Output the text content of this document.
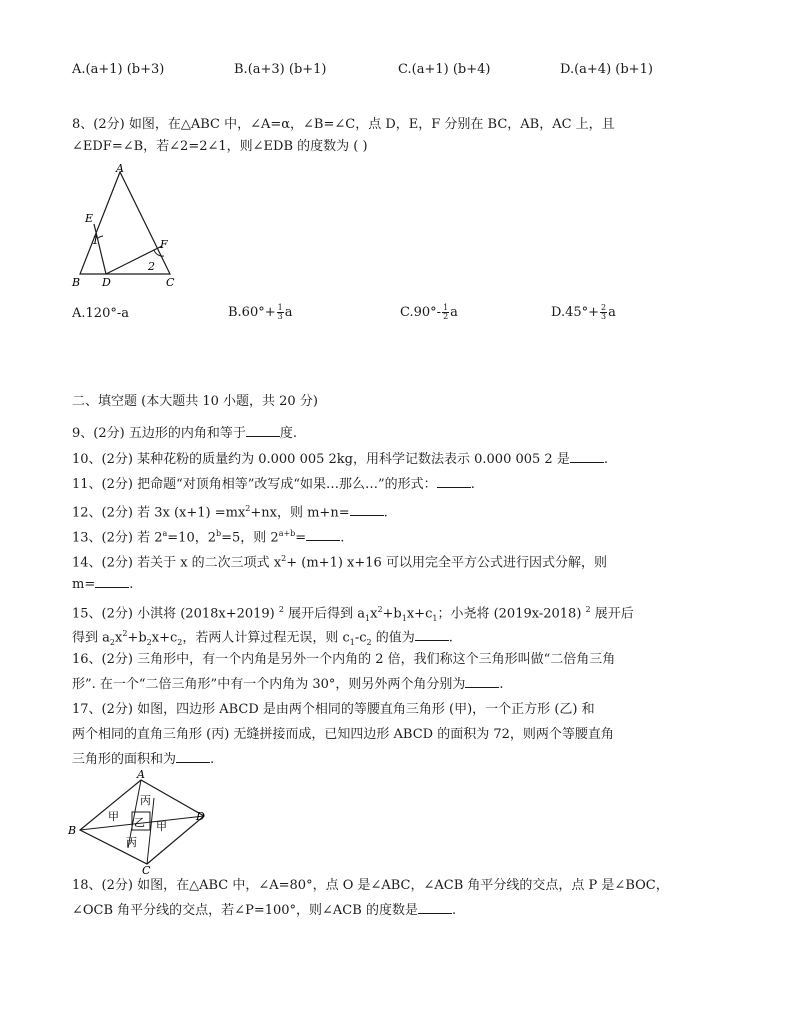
A.(a+1) (b+3)	B.(a+3) (b+1)	C.(a+1) (b+4)	D.(a+4) (b+1)
8、(2分) 如图，在△ABC 中，∠A=α，∠B=∠C，点 D，E，F 分别在 BC，AB，AC 上，且
∠EDF=∠B，若∠2=2∠1，则∠EDB 的度数为 ( )
A
E
1	F
2
B D	C
A.120°-a	$B.60^\circ+ \frac{1}{3}$ a	$C.90^\circ- \frac{1}{2}$ a	$D.45^\circ+ \frac{2}{3}$ a
二、填空题 (本大题共 10 小题，共 20 分)
9、(2分) 五边形的内角和等于	度.
10、(2分) 某种花粉的质量约为 0.000 005 2kg，用科学记数法表示 0.000 005 2 是	.
11、(2分) 把命题“对顶角相等”改写成“如果…那么…”的形式：	.
12、(2分) 若 3x $(x+1) =mx^2+nx$，则 m+n=	.
13、(2分) 若 $2^a=10$，$2^b=5$，则 $2^{a+b}=$	.
14、(2分) 若关于 x 的二次三项式 $x^2+ (m+1)$ x+16 可以用完全平方公式进行因式分解，则
m=	.
15、(2分) 小淇将 (2018x+2019) $^2$ 展开后得到 $a_1x^2+b_1x+c_1$；小尧将 (2019x-2018) $^2$ 展开后
得到 $a_2x^2+b_2x+c_2$，若两人计算过程无误，则 $c_1-c_2$ 的值为	.
16、(2分) 三角形中，有一个内角是另外一个内角的 2 倍，我们称这个三角形叫做“二倍角三角
形”. 在一个“二倍三角形”中有一个内角为 30°，则另外两个角分别为	.
17、(2分) 如图，四边形 ABCD 是由两个相同的等腰直角三角形 (甲)，一个正方形 (乙) 和
两个相同的直角三角形 (丙) 无缝拼接而成，已知四边形 ABCD 的面积为 72，则两个等腰直角
三角形的面积和为	.
A
B
D
C
甲
甲
乙
丙
丙
18、(2分) 如图，在△ABC 中，∠A=80°，点 O 是∠ABC，∠ACB 角平分线的交点，点 P 是∠BOC，
∠OCB 角平分线的交点，若∠P=100°，则∠ACB 的度数是	.
